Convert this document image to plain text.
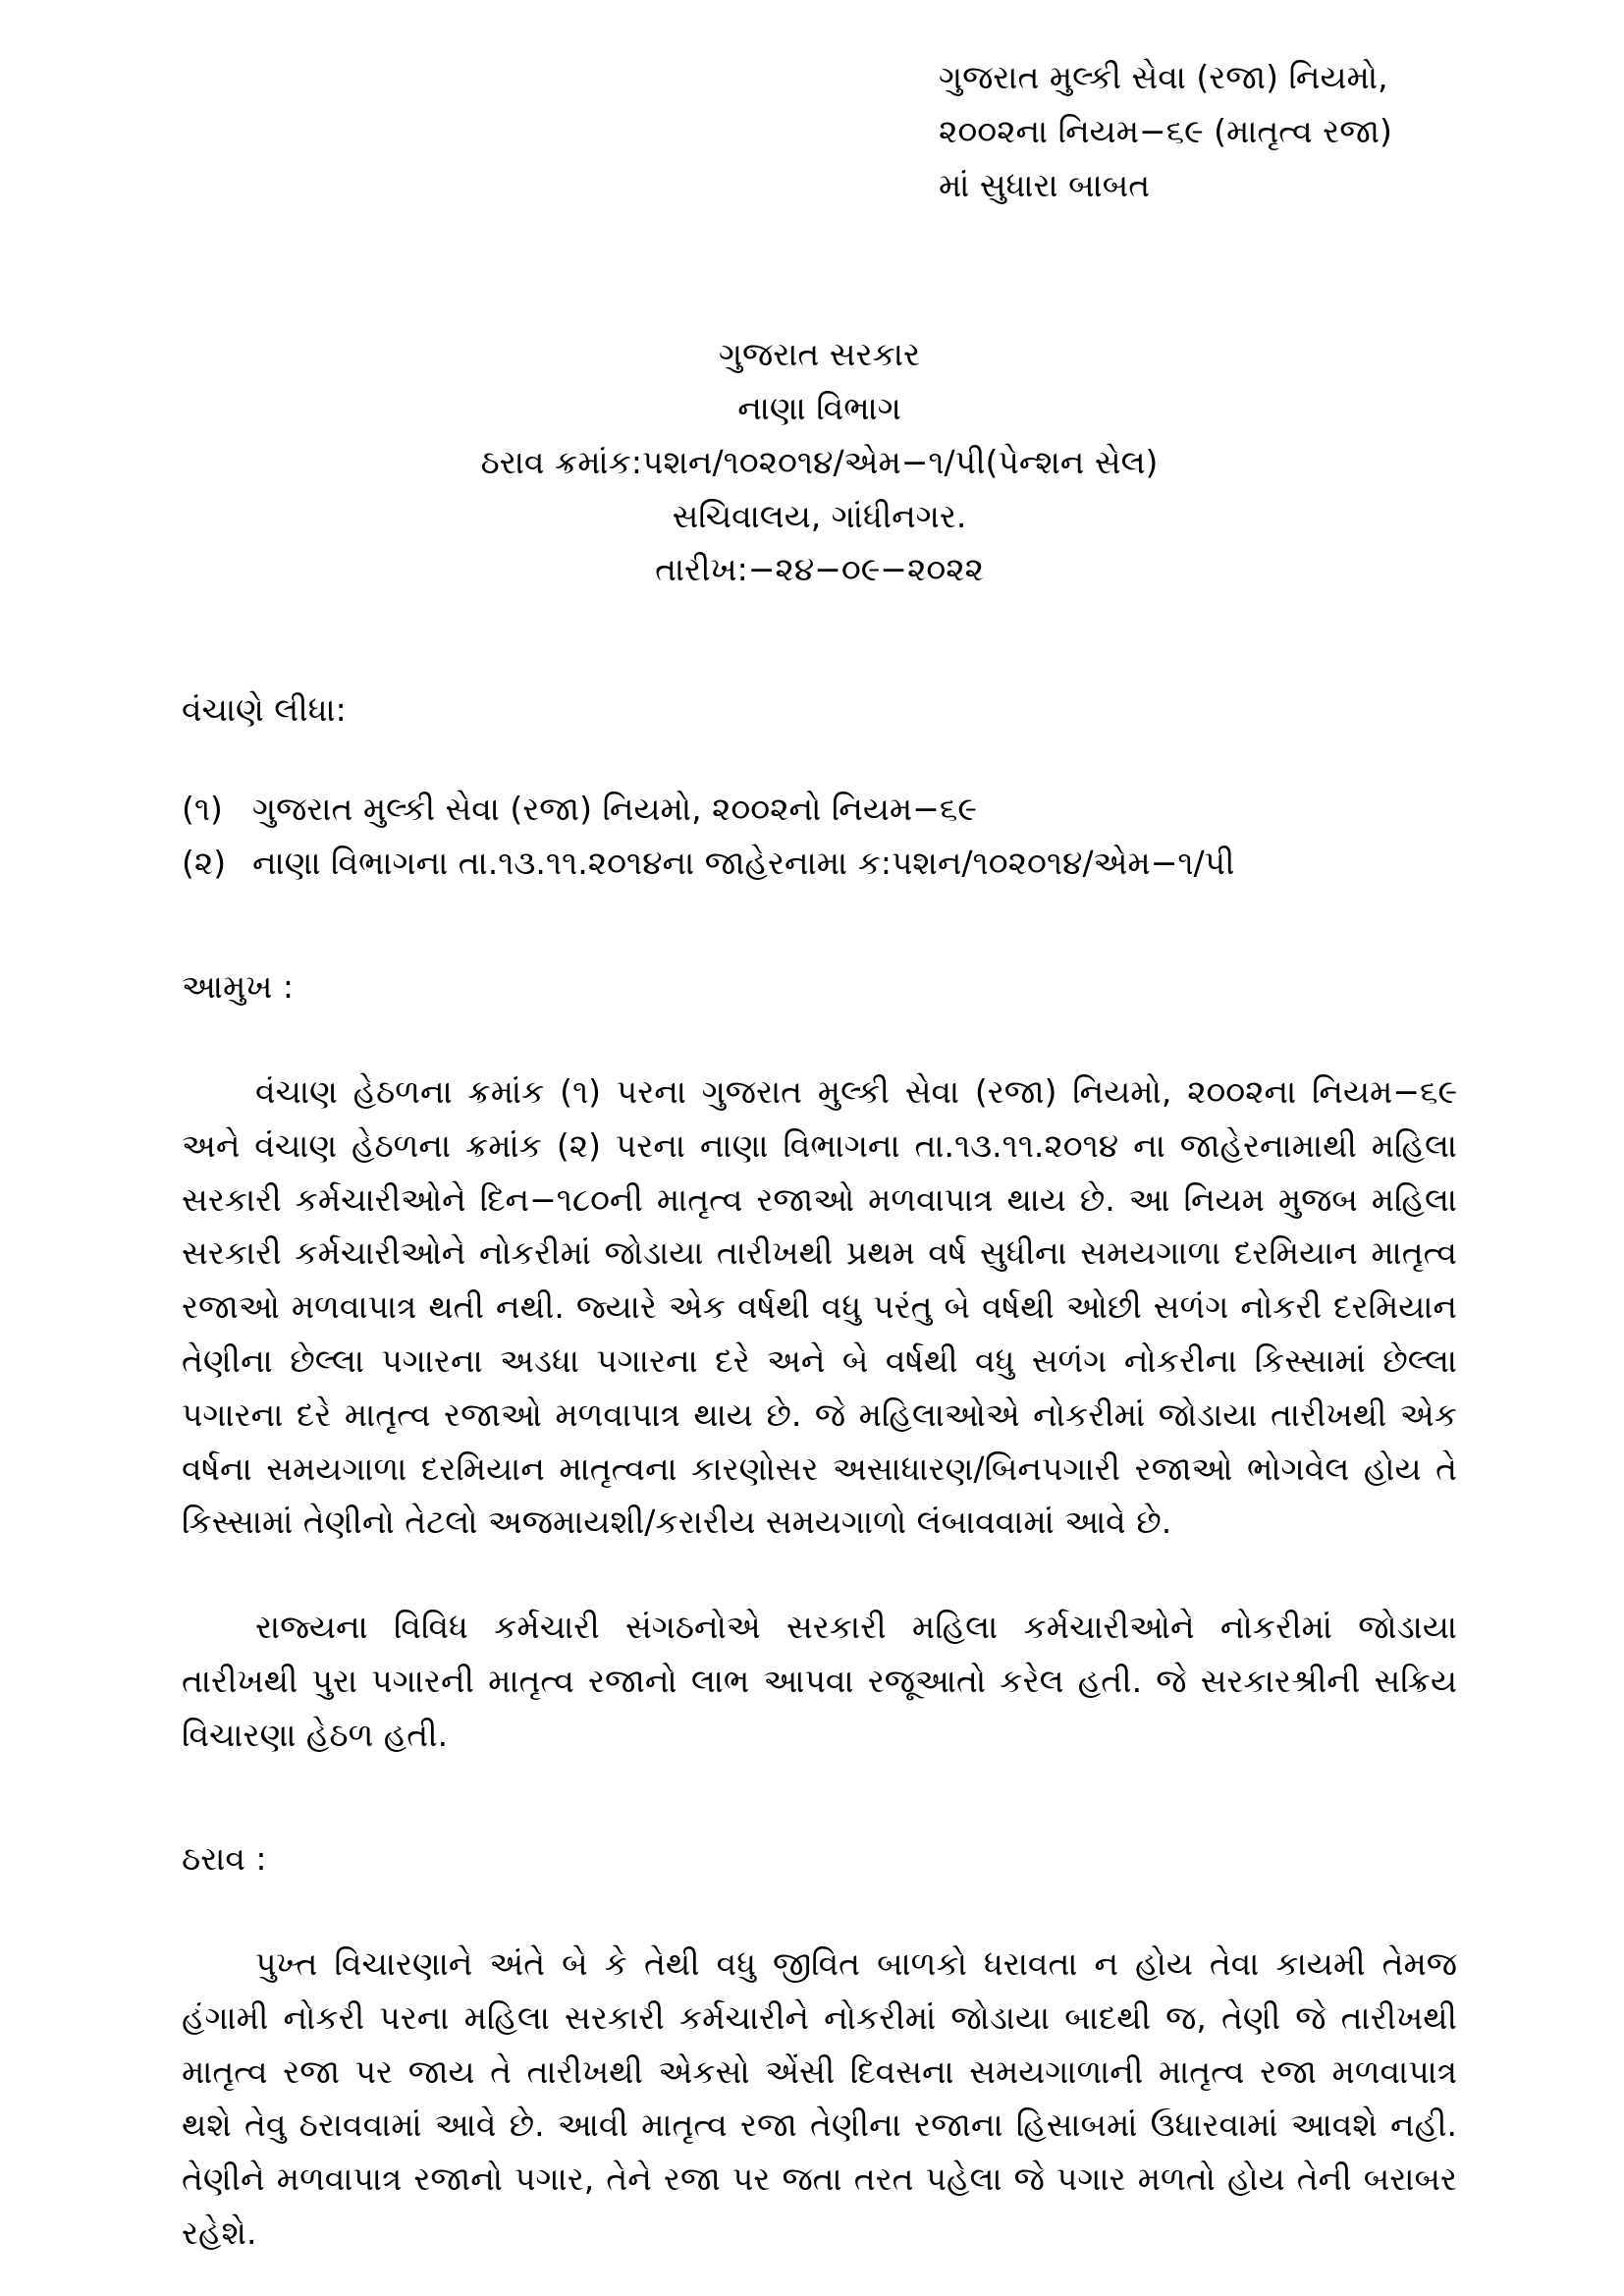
ગુજરાત મુલ્કી સેવા (રજા) નિયમો,
૨૦૦૨ના નિયમ−૬૯ (માતૃત્વ રજા)
માં સુધારા બાબત
ગુજરાત સરકાર
નાણા વિભાગ
ઠરાવ ક્રમાંક:પશન/૧૦૨૦૧૪/એમ−૧/પી(પેન્શન સેલ)
સચિવાલય, ગાંધીનગર.
તારીખ:−૨૪−૦૯−૨૦૨૨
વંચાણે લીધા:
(૧) ગુજરાત મુલ્કી સેવા (રજા) નિયમો, ૨૦૦૨નો નિયમ−૬૯
(૨) નાણા વિભાગના તા.૧૩.૧૧.૨૦૧૪ના જાહેરનામા ક:પશન/૧૦૨૦૧૪/એમ−૧/પી
આમુખ :

વંચાણ હેઠળના ક્રમાંક (૧) પરના ગુજરાત મુલ્કી સેવા (રજા) નિયમો, ૨૦૦૨ના નિયમ−૬૯ અને વંચાણ હેઠળના ક્રમાંક (૨) પરના નાણા વિભાગના તા.૧૩.૧૧.૨૦૧૪ ના જાહેરનામાથી મહિલા સરકારી કર્મચારીઓને દિન−૧૮૦ની માતૃત્વ રજાઓ મળવાપાત્ર થાય છે. આ નિયમ મુજબ મહિલા સરકારી કર્મચારીઓને નોકરીમાં જોડાયા તારીખથી પ્રથમ વર્ષ સુધીના સમયગાળા દરમિયાન માતૃત્વ રજાઓ મળવાપાત્ર થતી નથી. જ્યારે એક વર્ષથી વધુ પરંતુ બે વર્ષથી ઓછી સળંગ નોકરી દરમિયાન તેણીના છેલ્લા પગારના અડધા પગારના દરે અને બે વર્ષથી વધુ સળંગ નોકરીના કિસ્સામાં છેલ્લા પગારના દરે માતૃત્વ રજાઓ મળવાપાત્ર થાય છે. જે મહિલાઓએ નોકરીમાં જોડાયા તારીખથી એક વર્ષના સમયગાળા દરમિયાન માતૃત્વના કારણોસર અસાધારણ/બિનપગારી રજાઓ ભોગવેલ હોય તે કિસ્સામાં તેણીનો તેટલો અજમાયશી/કરારીય સમયગાળો લંબાવવામાં આવે છે.

રાજ્યના વિવિધ કર્મચારી સંગઠનોએ સરકારી મહિલા કર્મચારીઓને નોકરીમાં જોડાયા તારીખથી પુરા પગારની માતૃત્વ રજાનો લાભ આપવા રજૂઆતો કરેલ હતી. જે સરકારશ્રીની સક્રિય વિચારણા હેઠળ હતી.

ઠરાવ :

પુખ્ત વિચારણાને અંતે બે કે તેથી વધુ જીવિત બાળકો ધરાવતા ન હોય તેવા કાયમી તેમજ હંગામી નોકરી પરના મહિલા સરકારી કર્મચારીને નોકરીમાં જોડાયા બાદથી જ, તેણી જે તારીખથી માતૃત્વ રજા પર જાય તે તારીખથી એકસો એંસી દિવસના સમયગાળાની માતૃત્વ રજા મળવાપાત્ર થશે તેવુ ઠરાવવામાં આવે છે. આવી માતૃત્વ રજા તેણીના રજાના હિસાબમાં ઉધારવામાં આવશે નહી. તેણીને મળવાપાત્ર રજાનો પગાર, તેને રજા પર જતા તરત પહેલા જે પગાર મળતો હોય તેની બરાબર રહેશે.
